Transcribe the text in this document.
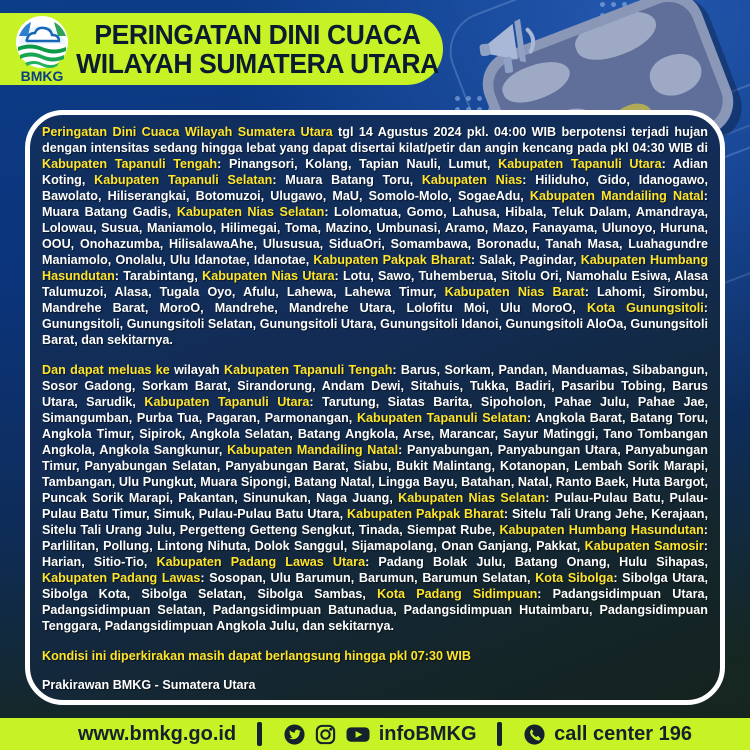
BMKG
PERINGATAN DINI CUACA
WILAYAH SUMATERA UTARA
Peringatan Dini Cuaca Wilayah Sumatera Utara tgl 14 Agustus 2024 pkl. 04:00 WIB berpotensi terjadi hujan dengan intensitas sedang hingga lebat yang dapat disertai kilat/petir dan angin kencang pada pkl 04:30 WIB di Kabupaten Tapanuli Tengah: Pinangsori, Kolang, Tapian Nauli, Lumut, Kabupaten Tapanuli Utara: Adian Koting, Kabupaten Tapanuli Selatan: Muara Batang Toru, Kabupaten Nias: Hiliduho, Gido, Idanogawo, Bawolato, Hiliserangkai, Botomuzoi, Ulugawo, MaU, Somolo-Molo, SogaeAdu, Kabupaten Mandailing Natal: Muara Batang Gadis, Kabupaten Nias Selatan: Lolomatua, Gomo, Lahusa, Hibala, Teluk Dalam, Amandraya, Lolowau, Susua, Maniamolo, Hilimegai, Toma, Mazino, Umbunasi, Aramo, Mazo, Fanayama, Ulunoyo, Huruna, OOU, Onohazumba, HilisalawaAhe, Ulususua, SiduaOri, Somambawa, Boronadu, Tanah Masa, Luahagundre Maniamolo, Onolalu, Ulu Idanotae, Idanotae, Kabupaten Pakpak Bharat: Salak, Pagindar, Kabupaten Humbang Hasundutan: Tarabintang, Kabupaten Nias Utara: Lotu, Sawo, Tuhemberua, Sitolu Ori, Namohalu Esiwa, Alasa Talumuzoi, Alasa, Tugala Oyo, Afulu, Lahewa, Lahewa Timur, Kabupaten Nias Barat: Lahomi, Sirombu, Mandrehe Barat, MoroO, Mandrehe, Mandrehe Utara, Lolofitu Moi, Ulu MoroO, Kota Gunungsitoli: Gunungsitoli, Gunungsitoli Selatan, Gunungsitoli Utara, Gunungsitoli Idanoi, Gunungsitoli AloOa, Gunungsitoli Barat, dan sekitarnya.
Dan dapat meluas ke wilayah Kabupaten Tapanuli Tengah: Barus, Sorkam, Pandan, Manduamas, Sibabangun, Sosor Gadong, Sorkam Barat, Sirandorung, Andam Dewi, Sitahuis, Tukka, Badiri, Pasaribu Tobing, Barus Utara, Sarudik, Kabupaten Tapanuli Utara: Tarutung, Siatas Barita, Sipoholon, Pahae Julu, Pahae Jae, Simangumban, Purba Tua, Pagaran, Parmonangan, Kabupaten Tapanuli Selatan: Angkola Barat, Batang Toru, Angkola Timur, Sipirok, Angkola Selatan, Batang Angkola, Arse, Marancar, Sayur Matinggi, Tano Tombangan Angkola, Angkola Sangkunur, Kabupaten Mandailing Natal: Panyabungan, Panyabungan Utara, Panyabungan Timur, Panyabungan Selatan, Panyabungan Barat, Siabu, Bukit Malintang, Kotanopan, Lembah Sorik Marapi, Tambangan, Ulu Pungkut, Muara Sipongi, Batang Natal, Lingga Bayu, Batahan, Natal, Ranto Baek, Huta Bargot, Puncak Sorik Marapi, Pakantan, Sinunukan, Naga Juang, Kabupaten Nias Selatan: Pulau-Pulau Batu, Pulau-Pulau Batu Timur, Simuk, Pulau-Pulau Batu Utara, Kabupaten Pakpak Bharat: Sitelu Tali Urang Jehe, Kerajaan, Sitelu Tali Urang Julu, Pergetteng Getteng Sengkut, Tinada, Siempat Rube, Kabupaten Humbang Hasundutan: Parlilitan, Pollung, Lintong Nihuta, Dolok Sanggul, Sijamapolang, Onan Ganjang, Pakkat, Kabupaten Samosir: Harian, Sitio-Tio, Kabupaten Padang Lawas Utara: Padang Bolak Julu, Batang Onang, Hulu Sihapas, Kabupaten Padang Lawas: Sosopan, Ulu Barumun, Barumun, Barumun Selatan, Kota Sibolga: Sibolga Utara, Sibolga Kota, Sibolga Selatan, Sibolga Sambas, Kota Padang Sidimpuan: Padangsidimpuan Utara, Padangsidimpuan Selatan, Padangsidimpuan Batunadua, Padangsidimpuan Hutaimbaru, Padangsidimpuan Tenggara, Padangsidimpuan Angkola Julu, dan sekitarnya.
Kondisi ini diperkirakan masih dapat berlangsung hingga pkl 07:30 WIB
Prakirawan BMKG - Sumatera Utara
www.bmkg.go.id	infoBMKG	call center 196
